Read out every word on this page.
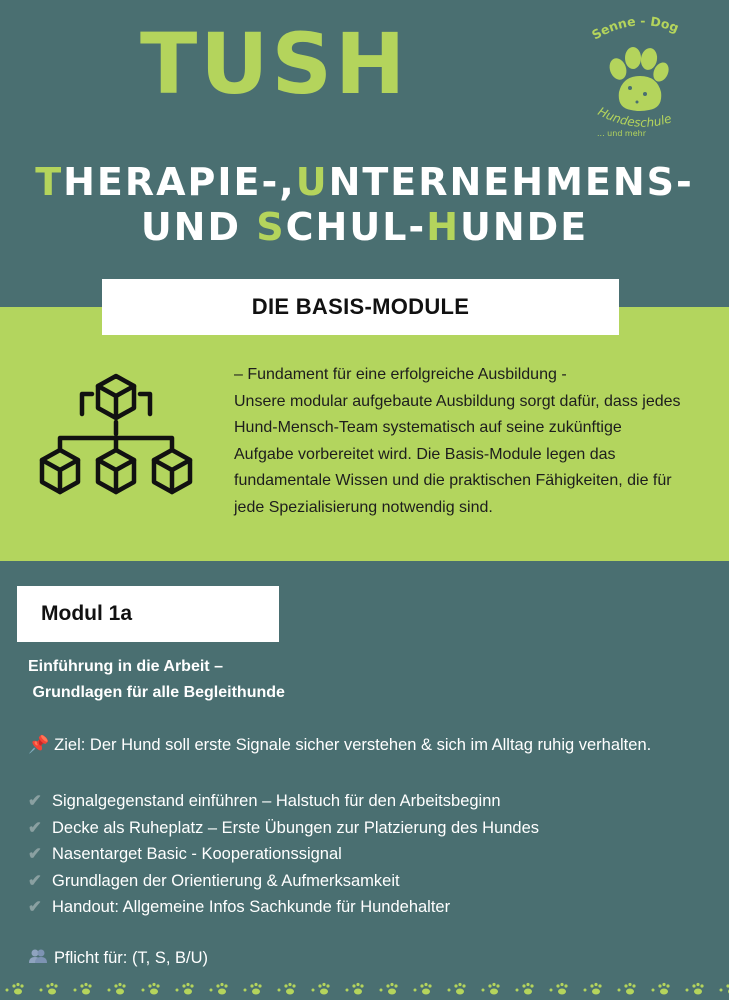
TUSH	Senne - Dog
Hundeschule
... und mehr
THERAPIE-,UNTERNEHMENS-
UND SCHUL-HUNDE
DIE BASIS-MODULE
– Fundament für eine erfolgreiche Ausbildung -
Unsere modular aufgebaute Ausbildung sorgt dafür, dass jedes
Hund-Mensch-Team systematisch auf seine zukünftige
Aufgabe vorbereitet wird. Die Basis-Module legen das
fundamentale Wissen und die praktischen Fähigkeiten, die für
jede Spezialisierung notwendig sind.
Modul 1a
Einführung in die Arbeit –
Grundlagen für alle Begleithunde
📌 Ziel: Der Hund soll erste Signale sicher verstehen & sich im Alltag ruhig verhalten.
✔ Signalgegenstand einführen – Halstuch für den Arbeitsbeginn
✔ Decke als Ruheplatz – Erste Übungen zur Platzierung des Hundes
✔ Nasentarget Basic - Kooperationssignal
✔ Grundlagen der Orientierung & Aufmerksamkeit
✔ Handout: Allgemeine Infos Sachkunde für Hundehalter
Pflicht für: (T, S, B/U)
